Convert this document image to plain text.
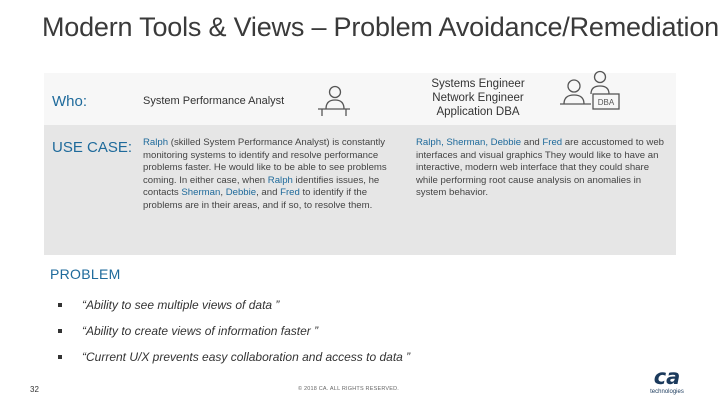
Modern Tools & Views – Problem Avoidance/Remediation
Who:
USE CASE:
System Performance Analyst
Systems Engineer
Network Engineer
Application DBA
DBA
Ralph (skilled System Performance Analyst) is constantly monitoring systems to identify and resolve performance problems faster. He would like to be able to see problems coming. In either case, when Ralph identifies issues, he contacts Sherman, Debbie, and Fred to identify if the problems are in their areas, and if so, to resolve them.
Ralph, Sherman, Debbie and Fred are accustomed to web interfaces and visual graphics They would like to have an interactive, modern web interface that they could share while performing root cause analysis on anomalies in system behavior.
PROBLEM
“Ability to see multiple views of data ”
“Ability to create views of information faster ”
“Current U/X prevents easy collaboration and access to data ”
32	© 2018 CA. ALL RIGHTS RESERVED.	ca
technologies
